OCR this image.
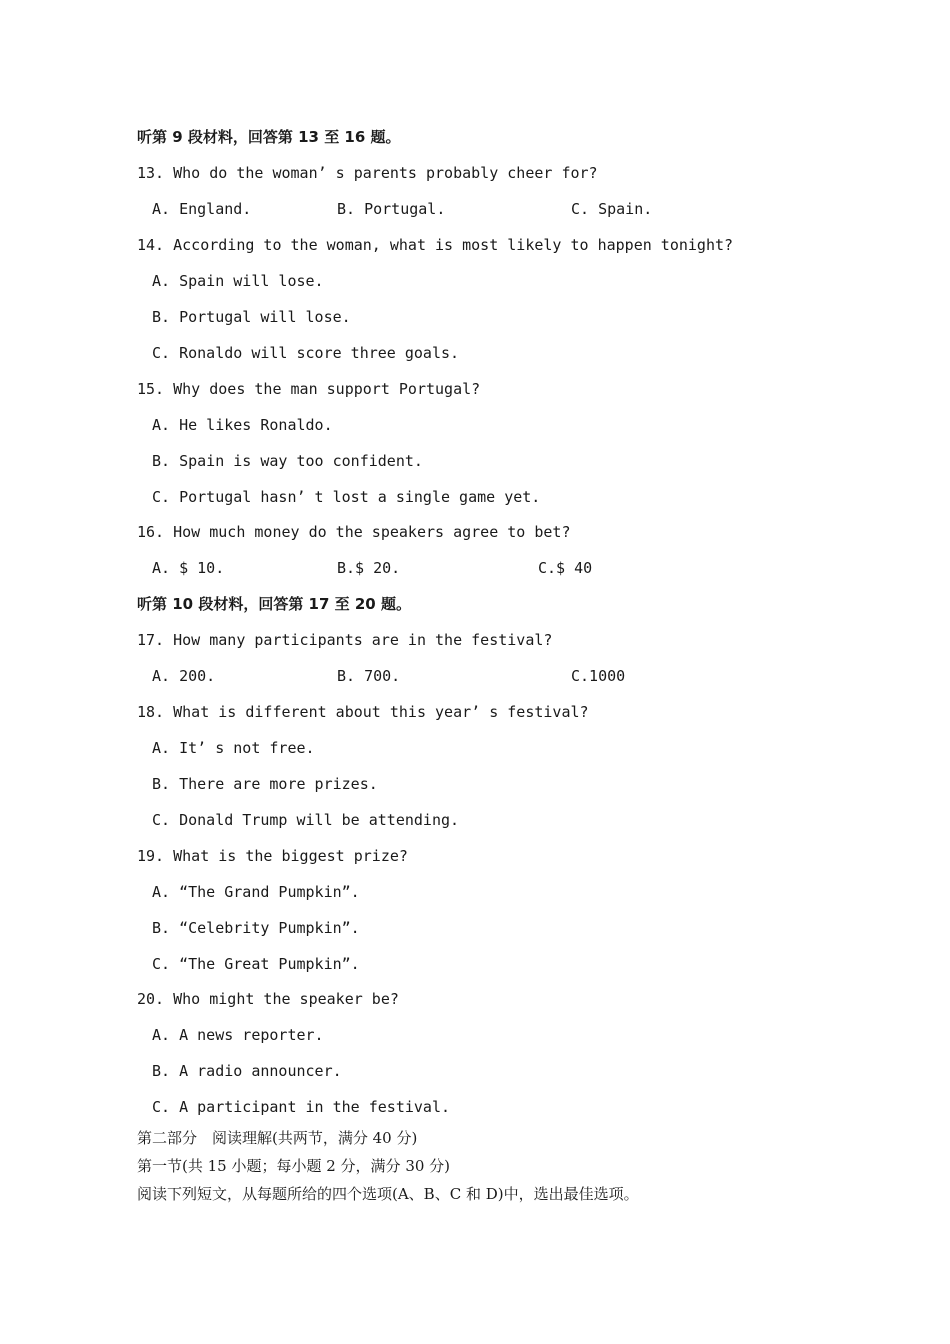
听第 9 段材料，回答第 13 至 16 题。
13. Who do the woman’ s parents probably cheer for?
A. England.	B. Portugal.	C. Spain.
14. According to the woman, what is most likely to happen tonight?
A. Spain will lose.
B. Portugal will lose.
C. Ronaldo will score three goals.
15. Why does the man support Portugal?
A. He likes Ronaldo.
B. Spain is way too confident.
C. Portugal hasn’ t lost a single game yet.
16. How much money do the speakers agree to bet?
A. $ 10.	B.$ 20.	C.$ 40
听第 10 段材料，回答第 17 至 20 题。
17. How many participants are in the festival?
A. 200.	B. 700.	C.1000
18. What is different about this year’ s festival?
A. It’ s not free.
B. There are more prizes.
C. Donald Trump will be attending.
19. What is the biggest prize?
A. “The Grand Pumpkin”.
B. “Celebrity Pumpkin”.
C. “The Great Pumpkin”.
20. Who might the speaker be?
A. A news reporter.
B. A radio announcer.
C. A participant in the festival.
第二部分　阅读理解(共两节，满分 40 分)
第一节(共 15 小题；每小题 2 分，满分 30 分)
阅读下列短文，从每题所给的四个选项(A、B、C 和 D)中，选出最佳选项。
